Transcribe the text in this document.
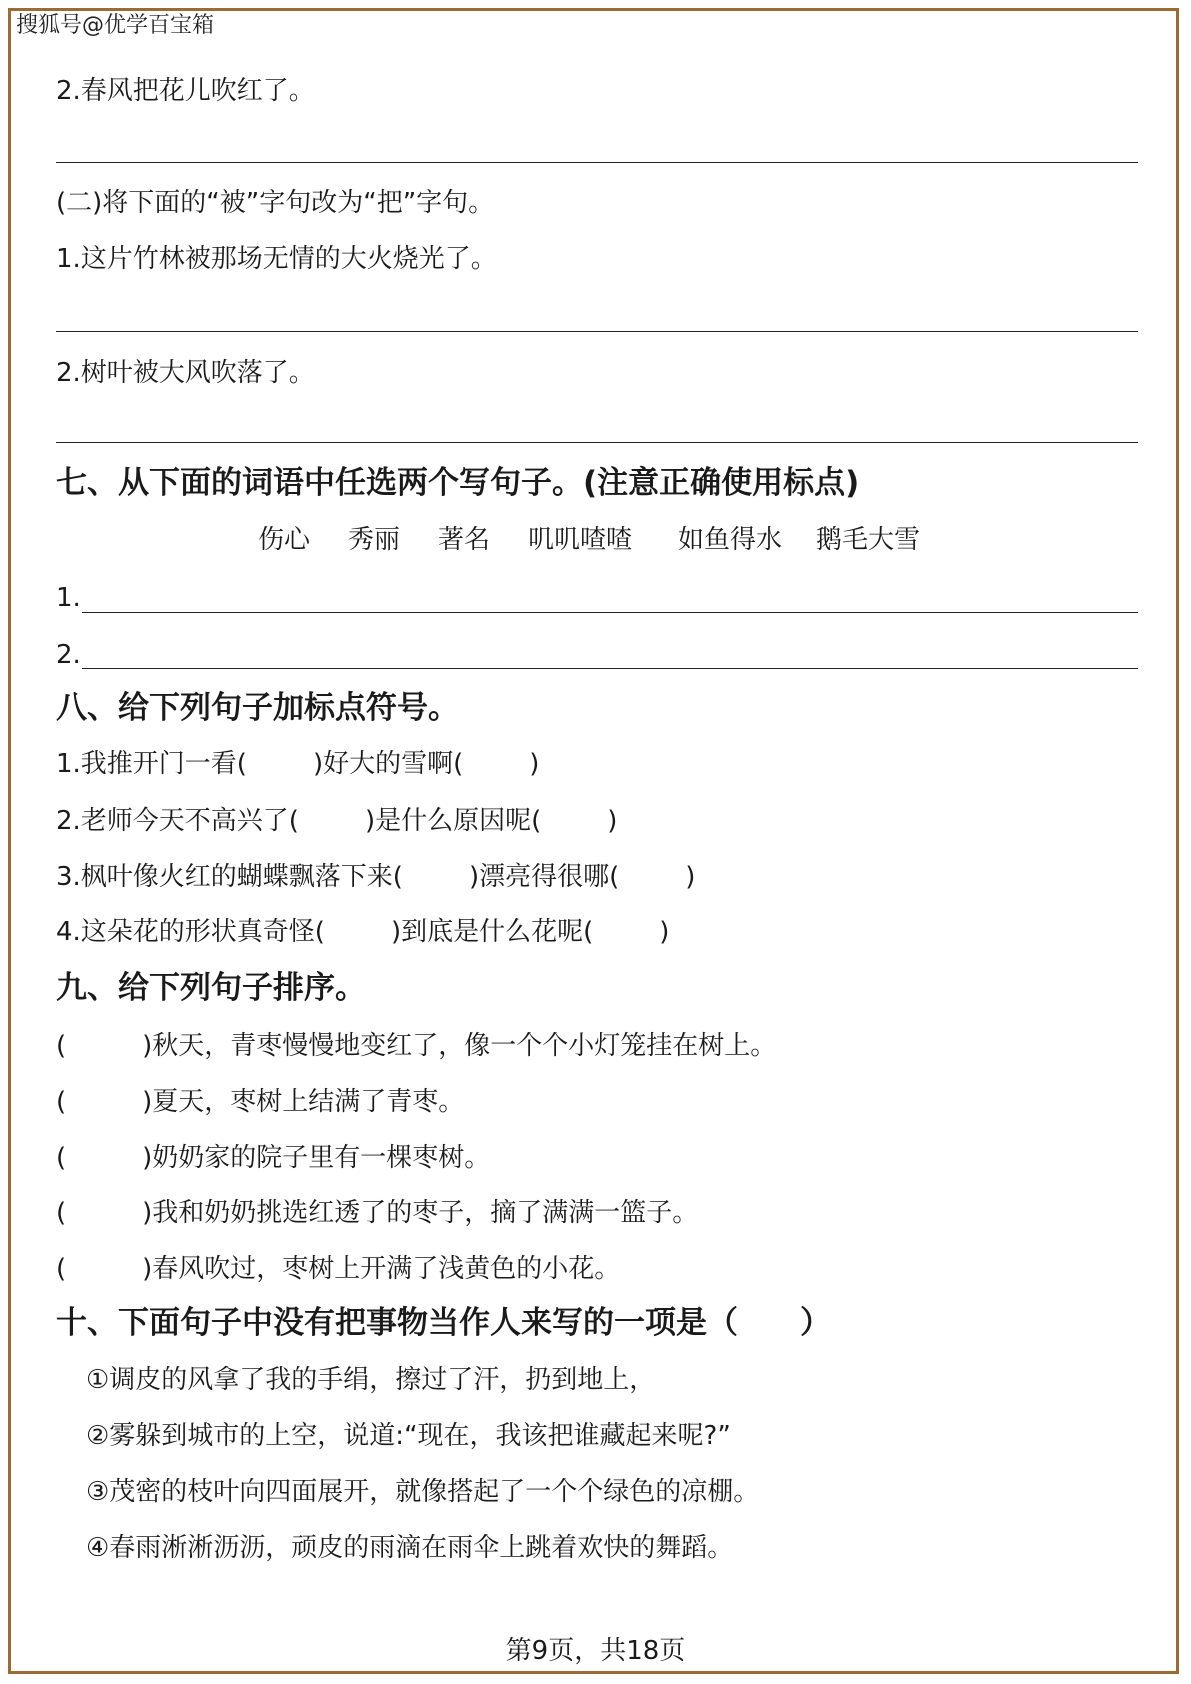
搜狐号@优学百宝箱
2.春风把花儿吹红了。
(二)将下面的“被”字句改为“把”字句。
1.这片竹林被那场无情的大火烧光了。
2.树叶被大风吹落了。
七、从下面的词语中任选两个写句子。(注意正确使用标点)
伤心 秀丽 著名 叽叽喳喳 如鱼得水 鹅毛大雪
1.
2.
八、给下列句子加标点符号。
1.我推开门一看(	)好大的雪啊(	)
2.老师今天不高兴了(	)是什么原因呢(	)
3.枫叶像火红的蝴蝶飘落下来(	)漂亮得很哪(	)
4.这朵花的形状真奇怪(	)到底是什么花呢(	)
九、给下列句子排序。
(	)秋天，青枣慢慢地变红了，像一个个小灯笼挂在树上。
(	)夏天，枣树上结满了青枣。
(	)奶奶家的院子里有一棵枣树。
(	)我和奶奶挑选红透了的枣子，摘了满满一篮子。
(	)春风吹过，枣树上开满了浅黄色的小花。
十、下面句子中没有把事物当作人来写的一项是（　　）
①调皮的风拿了我的手绢，擦过了汗，扔到地上，
②雾躲到城市的上空，说道:“现在，我该把谁藏起来呢?”
③茂密的枝叶向四面展开，就像搭起了一个个绿色的凉棚。
④春雨淅淅沥沥，顽皮的雨滴在雨伞上跳着欢快的舞蹈。
第9页，共18页
